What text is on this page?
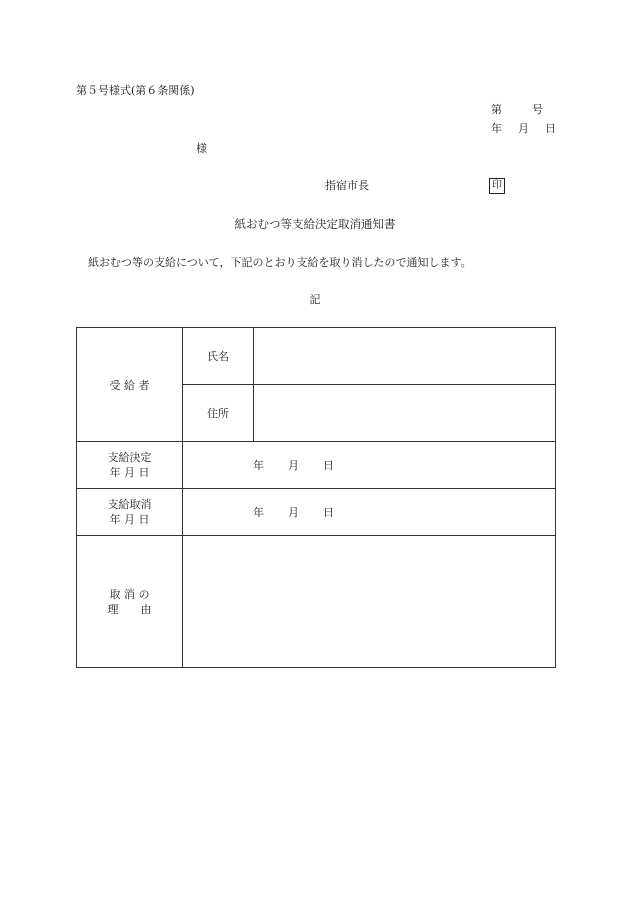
第５号様式(第６条関係)
第	号
年 月 日
様
指宿市長	印
紙おむつ等支給決定取消通知書
紙おむつ等の支給について，下記のとおり支給を取り消したので通知します。
記
受 給 者	氏名	
	住所	

支給決定
年 月 日	年 月 日	

支給取消
年 月 日	年 月 日	

取 消 の
理　　由		
